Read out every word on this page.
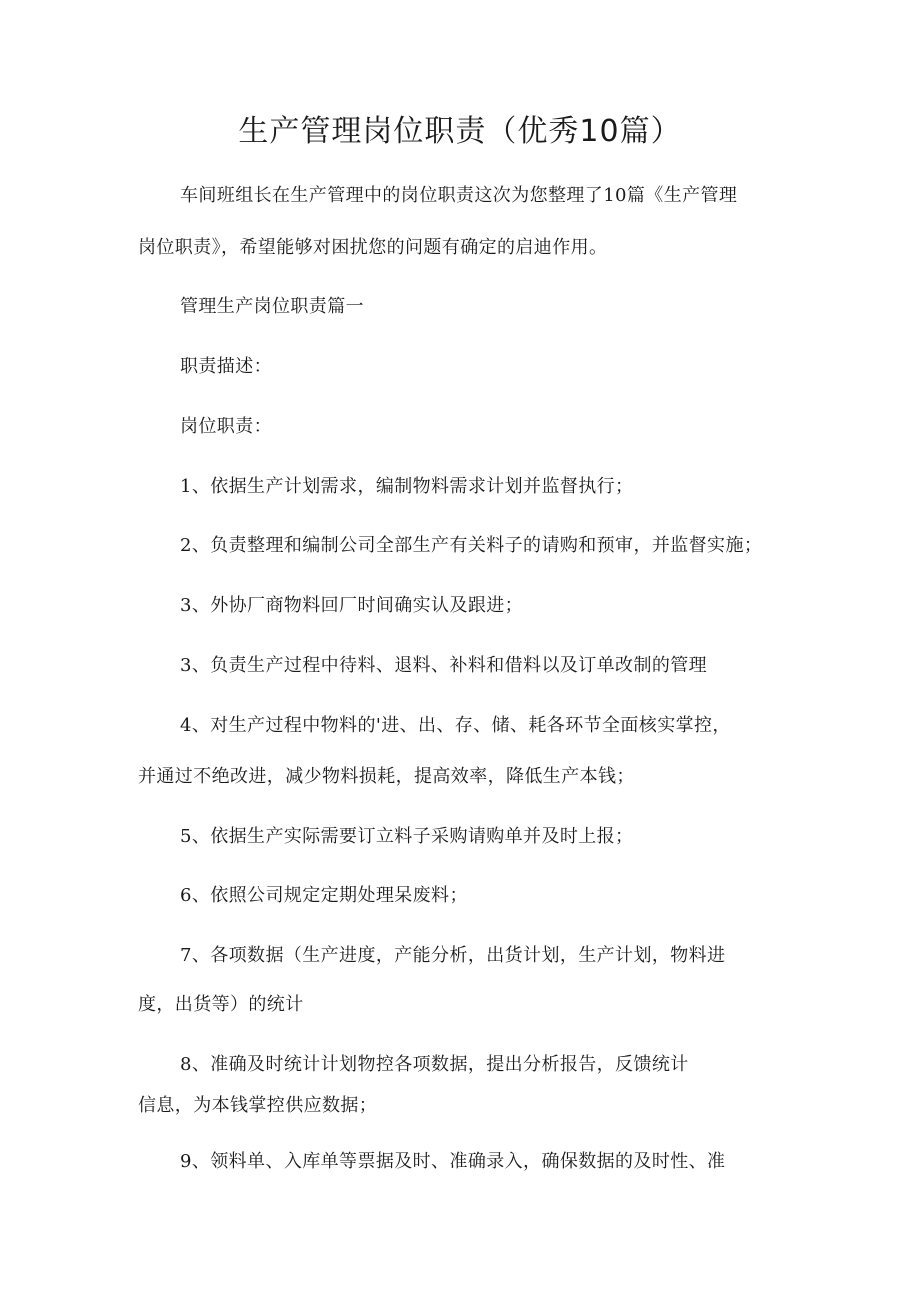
生产管理岗位职责（优秀10篇）
车间班组长在生产管理中的岗位职责这次为您整理了10篇《生产管理
岗位职责》，希望能够对困扰您的问题有确定的启迪作用。
管理生产岗位职责篇一
职责描述：
岗位职责：
1、依据生产计划需求，编制物料需求计划并监督执行；
2、负责整理和编制公司全部生产有关料子的请购和预审，并监督实施；
3、外协厂商物料回厂时间确实认及跟进；
3、负责生产过程中待料、退料、补料和借料以及订单改制的管理
4、对生产过程中物料的'进、出、存、储、耗各环节全面核实掌控，
并通过不绝改进，减少物料损耗，提高效率，降低生产本钱；
5、依据生产实际需要订立料子采购请购单并及时上报；
6、依照公司规定定期处理呆废料；
7、各项数据（生产进度，产能分析，出货计划，生产计划，物料进
度，出货等）的统计
8、准确及时统计计划物控各项数据，提出分析报告，反馈统计
信息，为本钱掌控供应数据；
9、领料单、入库单等票据及时、准确录入，确保数据的及时性、准
